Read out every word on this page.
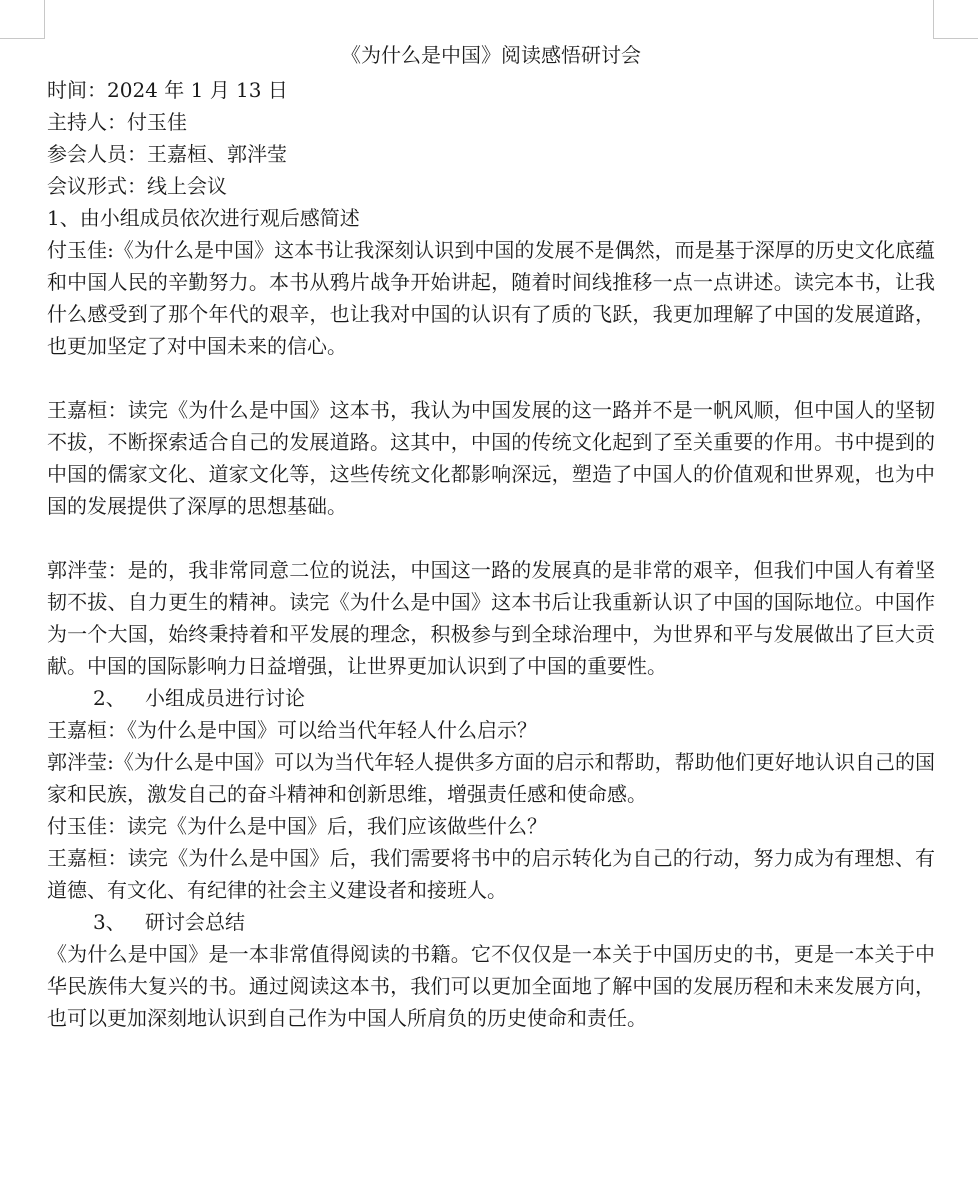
《为什么是中国》阅读感悟研讨会

时间：2024 年 1 月 13 日

主持人：付玉佳

参会人员：王嘉桓、郭泮莹

会议形式：线上会议

1、由小组成员依次进行观后感简述

付玉佳:《为什么是中国》这本书让我深刻认识到中国的发展不是偶然，而是基于深厚的历史文化底蕴和中国人民的辛勤努力。本书从鸦片战争开始讲起，随着时间线推移一点一点讲述。读完本书，让我什么感受到了那个年代的艰辛，也让我对中国的认识有了质的飞跃，我更加理解了中国的发展道路，也更加坚定了对中国未来的信心。

王嘉桓：读完《为什么是中国》这本书，我认为中国发展的这一路并不是一帆风顺，但中国人的坚韧不拔，不断探索适合自己的发展道路。这其中，中国的传统文化起到了至关重要的作用。书中提到的中国的儒家文化、道家文化等，这些传统文化都影响深远，塑造了中国人的价值观和世界观，也为中国的发展提供了深厚的思想基础。

郭泮莹：是的，我非常同意二位的说法，中国这一路的发展真的是非常的艰辛，但我们中国人有着坚韧不拔、自力更生的精神。读完《为什么是中国》这本书后让我重新认识了中国的国际地位。中国作为一个大国，始终秉持着和平发展的理念，积极参与到全球治理中，为世界和平与发展做出了巨大贡献。中国的国际影响力日益增强，让世界更加认识到了中国的重要性。

2、 小组成员进行讨论

王嘉桓：《为什么是中国》可以给当代年轻人什么启示？

郭泮莹:《为什么是中国》可以为当代年轻人提供多方面的启示和帮助，帮助他们更好地认识自己的国家和民族，激发自己的奋斗精神和创新思维，增强责任感和使命感。

付玉佳：读完《为什么是中国》后，我们应该做些什么？

王嘉桓：读完《为什么是中国》后，我们需要将书中的启示转化为自己的行动，努力成为有理想、有道德、有文化、有纪律的社会主义建设者和接班人。

3、 研讨会总结

《为什么是中国》是一本非常值得阅读的书籍。它不仅仅是一本关于中国历史的书，更是一本关于中华民族伟大复兴的书。通过阅读这本书，我们可以更加全面地了解中国的发展历程和未来发展方向，也可以更加深刻地认识到自己作为中国人所肩负的历史使命和责任。
